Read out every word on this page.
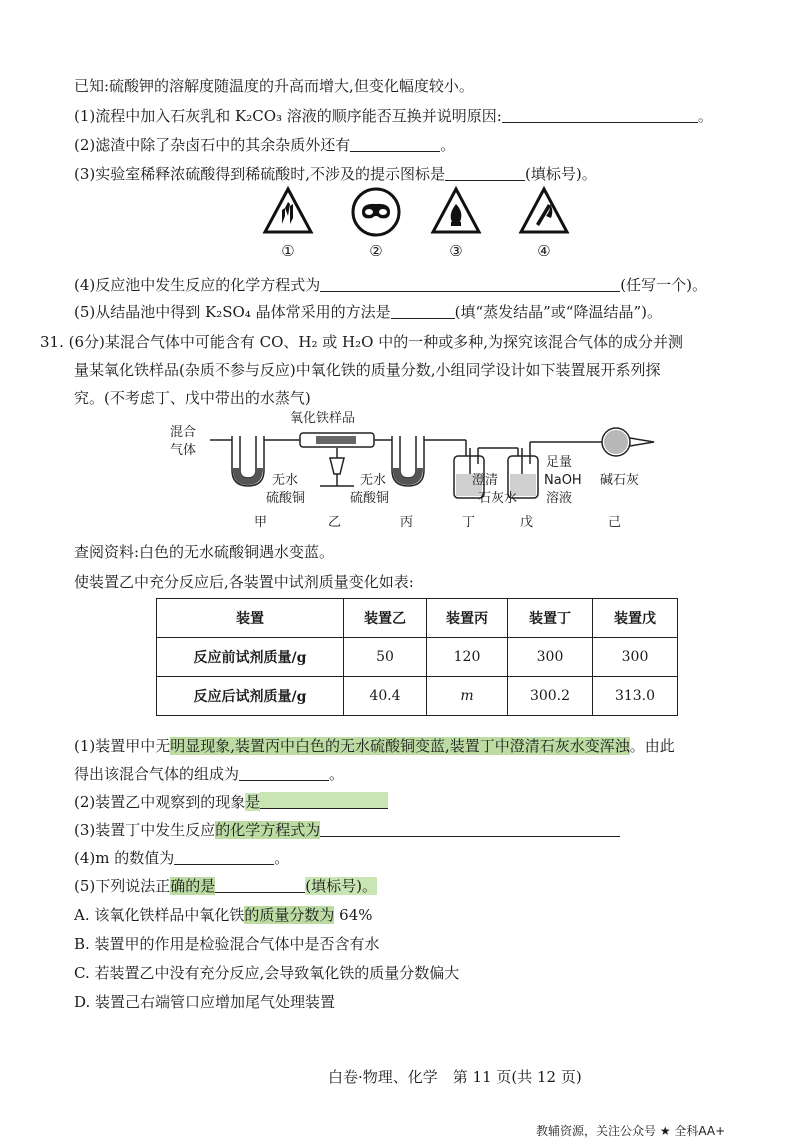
已知:硫酸钾的溶解度随温度的升高而增大,但变化幅度较小。
(1)流程中加入石灰乳和 K₂CO₃ 溶液的顺序能否互换并说明原因:	。
(2)滤渣中除了杂卤石中的其余杂质外还有	。
(3)实验室稀释浓硫酸得到稀硫酸时,不涉及的提示图标是	(填标号)。
①	②	③	④
(4)反应池中发生反应的化学方程式为	(任写一个)。
(5)从结晶池中得到 K₂SO₄ 晶体常采用的方法是	(填“蒸发结晶”或“降温结晶”)。
31. (6分)某混合气体中可能含有 CO、H₂ 或 H₂O 中的一种或多种,为探究该混合气体的成分并测
量某氧化铁样品(杂质不参与反应)中氧化铁的质量分数,小组同学设计如下装置展开系列探
究。(不考虑丁、戊中带出的水蒸气)
混合
气体
氧化铁样品
无水
硫酸铜
无水
硫酸铜
澄清
石灰水
足量
NaOH
溶液
碱石灰
甲	乙	丙	丁	戊	己
查阅资料:白色的无水硫酸铜遇水变蓝。
使装置乙中充分反应后,各装置中试剂质量变化如表:
装置	装置乙	装置丙	装置丁	装置戊
反应前试剂质量/g	50	120	300	300
反应后试剂质量/g	40.4	m	300.2	313.0
(1)装置甲中无明显现象,装置丙中白色的无水硫酸铜变蓝,装置丁中澄清石灰水变浑浊。由此
得出该混合气体的组成为	。
(2)装置乙中观察到的现象是
(3)装置丁中发生反应的化学方程式为
(4)m 的数值为	。
(5)下列说法正确的是	(填标号)。
A. 该氧化铁样品中氧化铁的质量分数为 64%
B. 装置甲的作用是检验混合气体中是否含有水
C. 若装置乙中没有充分反应,会导致氧化铁的质量分数偏大
D. 装置己右端管口应增加尾气处理装置
白卷·物理、化学　第 11 页(共 12 页)
教辅资源，关注公众号 ★ 全科AA+
